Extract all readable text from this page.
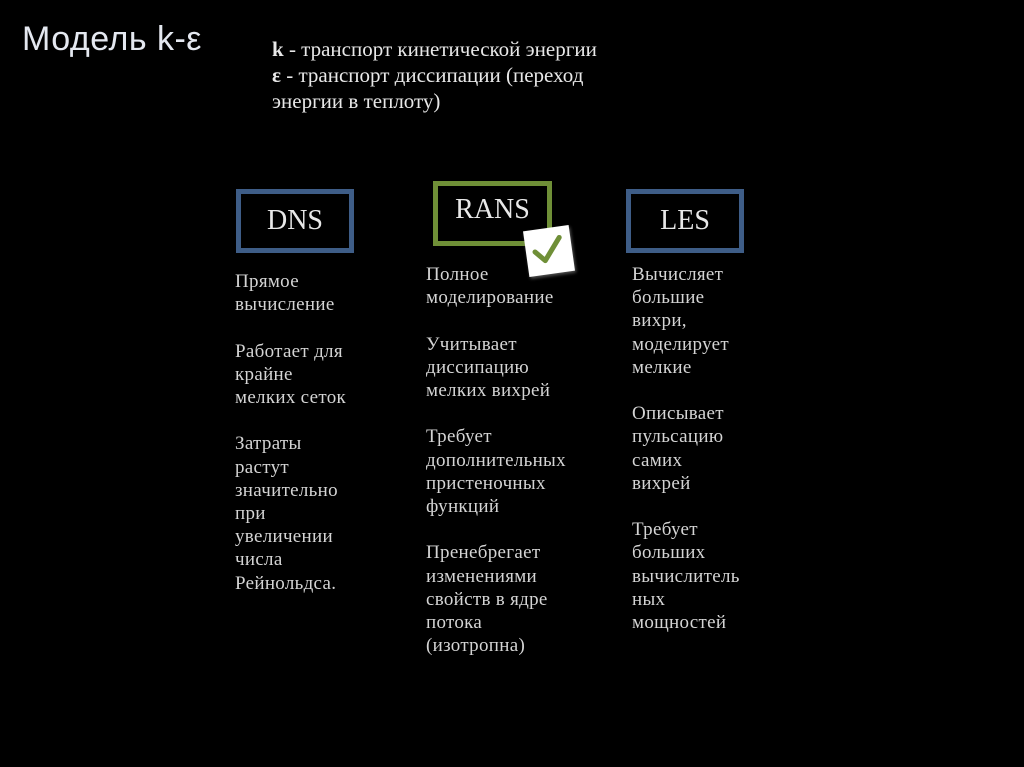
Модель k-ε	k - транспорт кинетической энергии

ε - транспорт диссипации (переход
энергии в теплоту)

DNS	RANS	LES
Прямое
вычисление
Работает для
крайне
мелких сеток
Затраты
растут
значительно
при
увеличении
числа
Рейнольдса.
Полное
моделирование
Учитывает
диссипацию
мелких вихрей
Требует
дополнительных
пристеночных
функций
Пренебрегает
изменениями
свойств в ядре
потока
(изотропна)
Вычисляет
большие
вихри,
моделирует
мелкие
Описывает
пульсацию
самих
вихрей
Требует
больших
вычислитель
ных
мощностей
